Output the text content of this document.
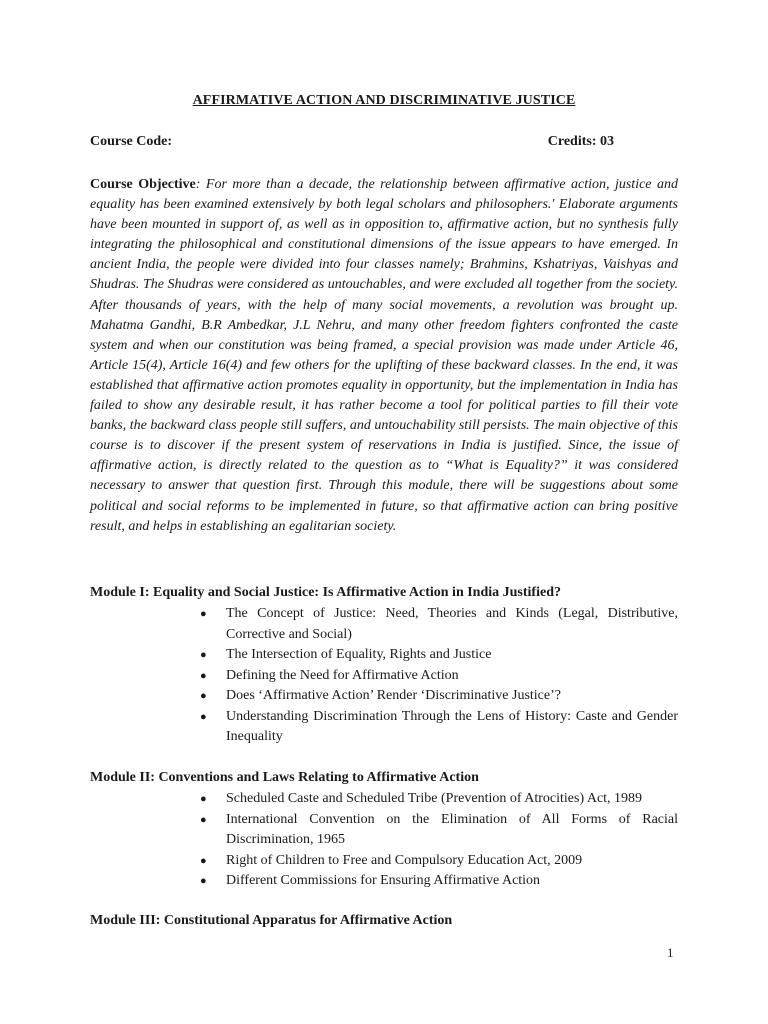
AFFIRMATIVE ACTION AND DISCRIMINATIVE JUSTICE
Course Code:	Credits: 03

Course Objective: For more than a decade, the relationship between affirmative action, justice and equality has been examined extensively by both legal scholars and philosophers.' Elaborate arguments have been mounted in support of, as well as in opposition to, affirmative action, but no synthesis fully integrating the philosophical and constitutional dimensions of the issue appears to have emerged. In ancient India, the people were divided into four classes namely; Brahmins, Kshatriyas, Vaishyas and Shudras. The Shudras were considered as untouchables, and were excluded all together from the society. After thousands of years, with the help of many social movements, a revolution was brought up. Mahatma Gandhi, B.R Ambedkar, J.L Nehru, and many other freedom fighters confronted the caste system and when our constitution was being framed, a special provision was made under Article 46, Article 15(4), Article 16(4) and few others for the uplifting of these backward classes. In the end, it was established that affirmative action promotes equality in opportunity, but the implementation in India has failed to show any desirable result, it has rather become a tool for political parties to fill their vote banks, the backward class people still suffers, and untouchability still persists. The main objective of this course is to discover if the present system of reservations in India is justified. Since, the issue of affirmative action, is directly related to the question as to “What is Equality?” it was considered necessary to answer that question first. Through this module, there will be suggestions about some political and social reforms to be implemented in future, so that affirmative action can bring positive result, and helps in establishing an egalitarian society.

Module I: Equality and Social Justice: Is Affirmative Action in India Justified?
● The Concept of Justice: Need, Theories and Kinds (Legal, Distributive, Corrective and Social)
● The Intersection of Equality, Rights and Justice
● Defining the Need for Affirmative Action
● Does ‘Affirmative Action’ Render ‘Discriminative Justice’?
● Understanding Discrimination Through the Lens of History: Caste and Gender Inequality
Module II: Conventions and Laws Relating to Affirmative Action
● Scheduled Caste and Scheduled Tribe (Prevention of Atrocities) Act, 1989
● International Convention on the Elimination of All Forms of Racial Discrimination, 1965
● Right of Children to Free and Compulsory Education Act, 2009
● Different Commissions for Ensuring Affirmative Action
Module III: Constitutional Apparatus for Affirmative Action
1
